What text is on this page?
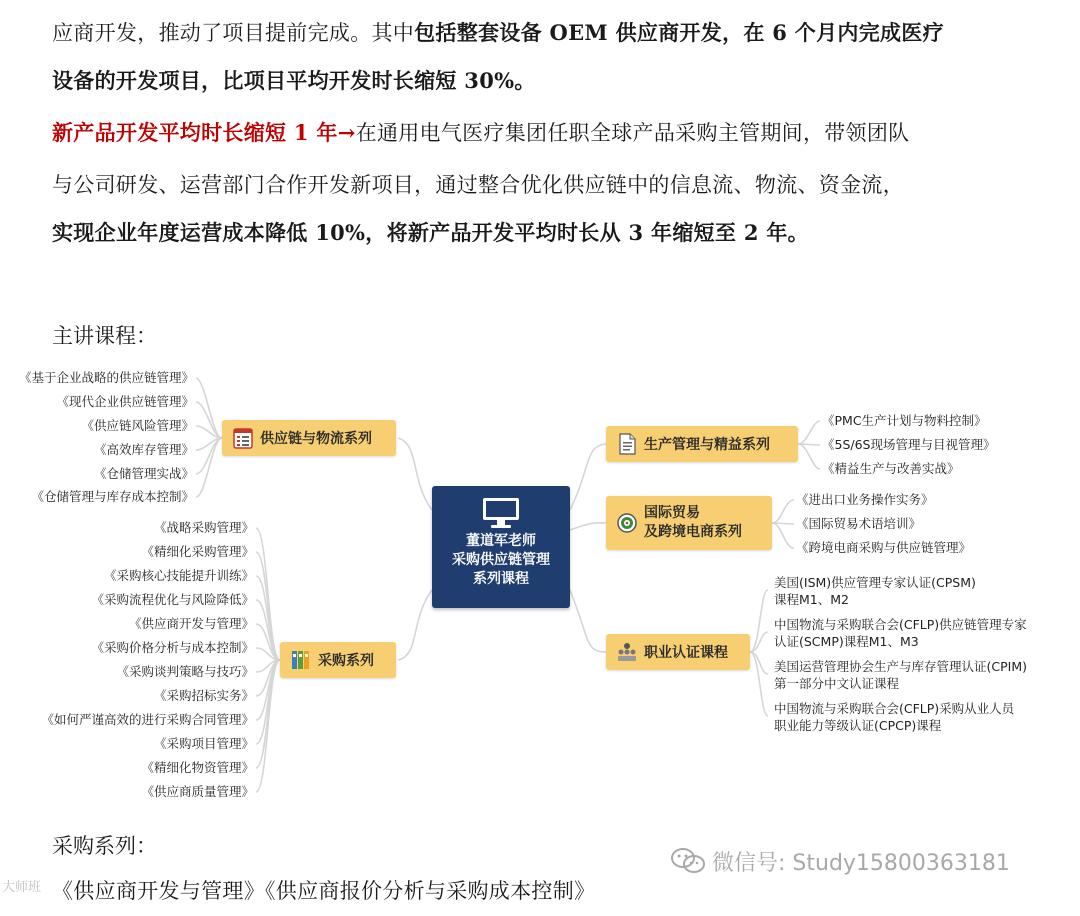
应商开发，推动了项目提前完成。其中包括整套设备 OEM 供应商开发，在 6 个月内完成医疗
设备的开发项目，比项目平均开发时长缩短 30%。
新产品开发平均时长缩短 1 年→在通用电气医疗集团任职全球产品采购主管期间，带领团队
与公司研发、运营部门合作开发新项目，通过整合优化供应链中的信息流、物流、资金流，
实现企业年度运营成本降低 10%，将新产品开发平均时长从 3 年缩短至 2 年。
主讲课程：
董道军老师
采购供应链管理
系列课程
供应链与物流系列
《基于企业战略的供应链管理》
《现代企业供应链管理》
《供应链风险管理》
《高效库存管理》
《仓储管理实战》
《仓储管理与库存成本控制》
采购系列
《战略采购管理》
《精细化采购管理》
《采购核心技能提升训练》
《采购流程优化与风险降低》
《供应商开发与管理》
《采购价格分析与成本控制》
《采购谈判策略与技巧》
《采购招标实务》
《如何严谨高效的进行采购合同管理》
《采购项目管理》
《精细化物资管理》
《供应商质量管理》
生产管理与精益系列
《PMC生产计划与物料控制》
《5S/6S现场管理与目视管理》
《精益生产与改善实战》
国际贸易
及跨境电商系列
《进出口业务操作实务》
《国际贸易术语培训》
《跨境电商采购与供应链管理》
职业认证课程
美国(ISM)供应管理专家认证(CPSM)
课程M1、M2
中国物流与采购联合会(CFLP)供应链管理专家
认证(SCMP)课程M1、M3
美国运营管理协会生产与库存管理认证(CPIM)
第一部分中文认证课程
中国物流与采购联合会(CFLP)采购从业人员
职业能力等级认证(CPCP)课程
采购系列：
《供应商开发与管理》《供应商报价分析与采购成本控制》
微信号: Study15800363181
大师班
